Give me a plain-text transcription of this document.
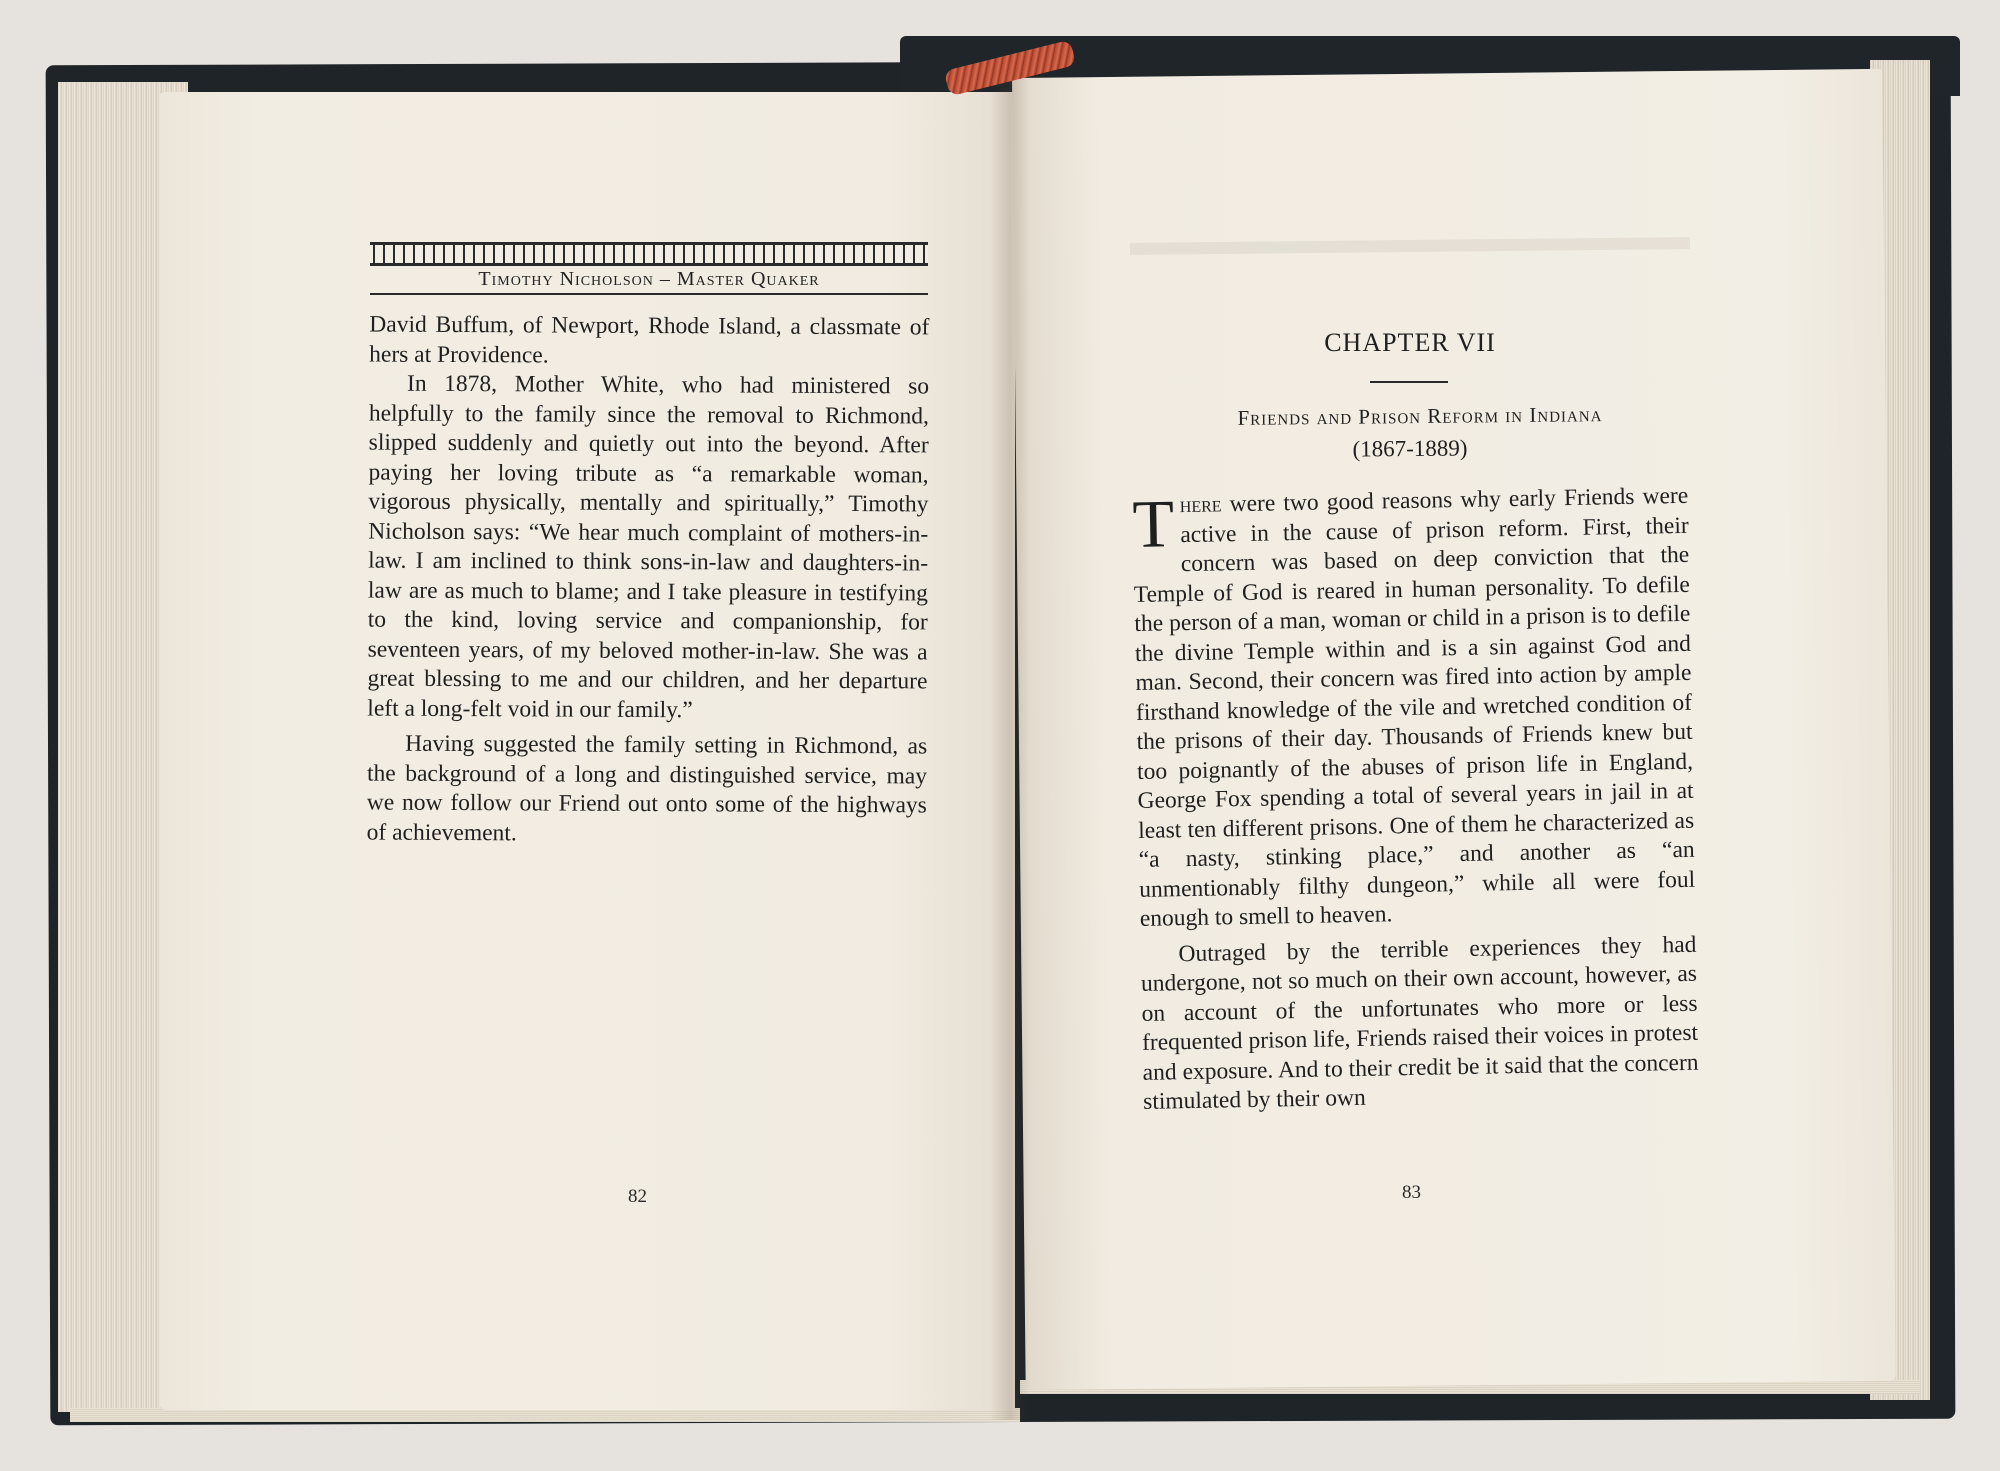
Timothy Nicholson – Master Quaker

David Buffum, of Newport, Rhode Island, a classmate of hers at Providence.

In 1878, Mother White, who had ministered so helpfully to the family since the removal to Richmond, slipped suddenly and quietly out into the beyond. After paying her loving tribute as “a remarkable woman, vigorous physically, mentally and spiritually,” Timothy Nicholson says: “We hear much complaint of mothers-in-law. I am inclined to think sons-in-law and daughters-in-law are as much to blame; and I take pleasure in testifying to the kind, loving service and companionship, for seventeen years, of my beloved mother-in-law. She was a great blessing to me and our children, and her departure left a long-felt void in our family.”

Having suggested the family setting in Richmond, as the background of a long and distinguished service, may we now follow our Friend out onto some of the highways of achievement.

82
CHAPTER VII
Friends and Prison Reform in Indiana
(1867-1889)

There were two good reasons why early Friends were active in the cause of prison reform. First, their concern was based on deep conviction that the Temple of God is reared in human personality. To defile the person of a man, woman or child in a prison is to defile the divine Temple within and is a sin against God and man. Second, their concern was fired into action by ample firsthand knowledge of the vile and wretched condition of the prisons of their day. Thousands of Friends knew but too poignantly of the abuses of prison life in England, George Fox spending a total of several years in jail in at least ten different prisons. One of them he characterized as “a nasty, stinking place,” and another as “an unmentionably filthy dungeon,” while all were foul enough to smell to heaven.

Outraged by the terrible experiences they had undergone, not so much on their own account, however, as on account of the unfortunates who more or less frequented prison life, Friends raised their voices in protest and exposure. And to their credit be it said that the concern stimulated by their own

83
